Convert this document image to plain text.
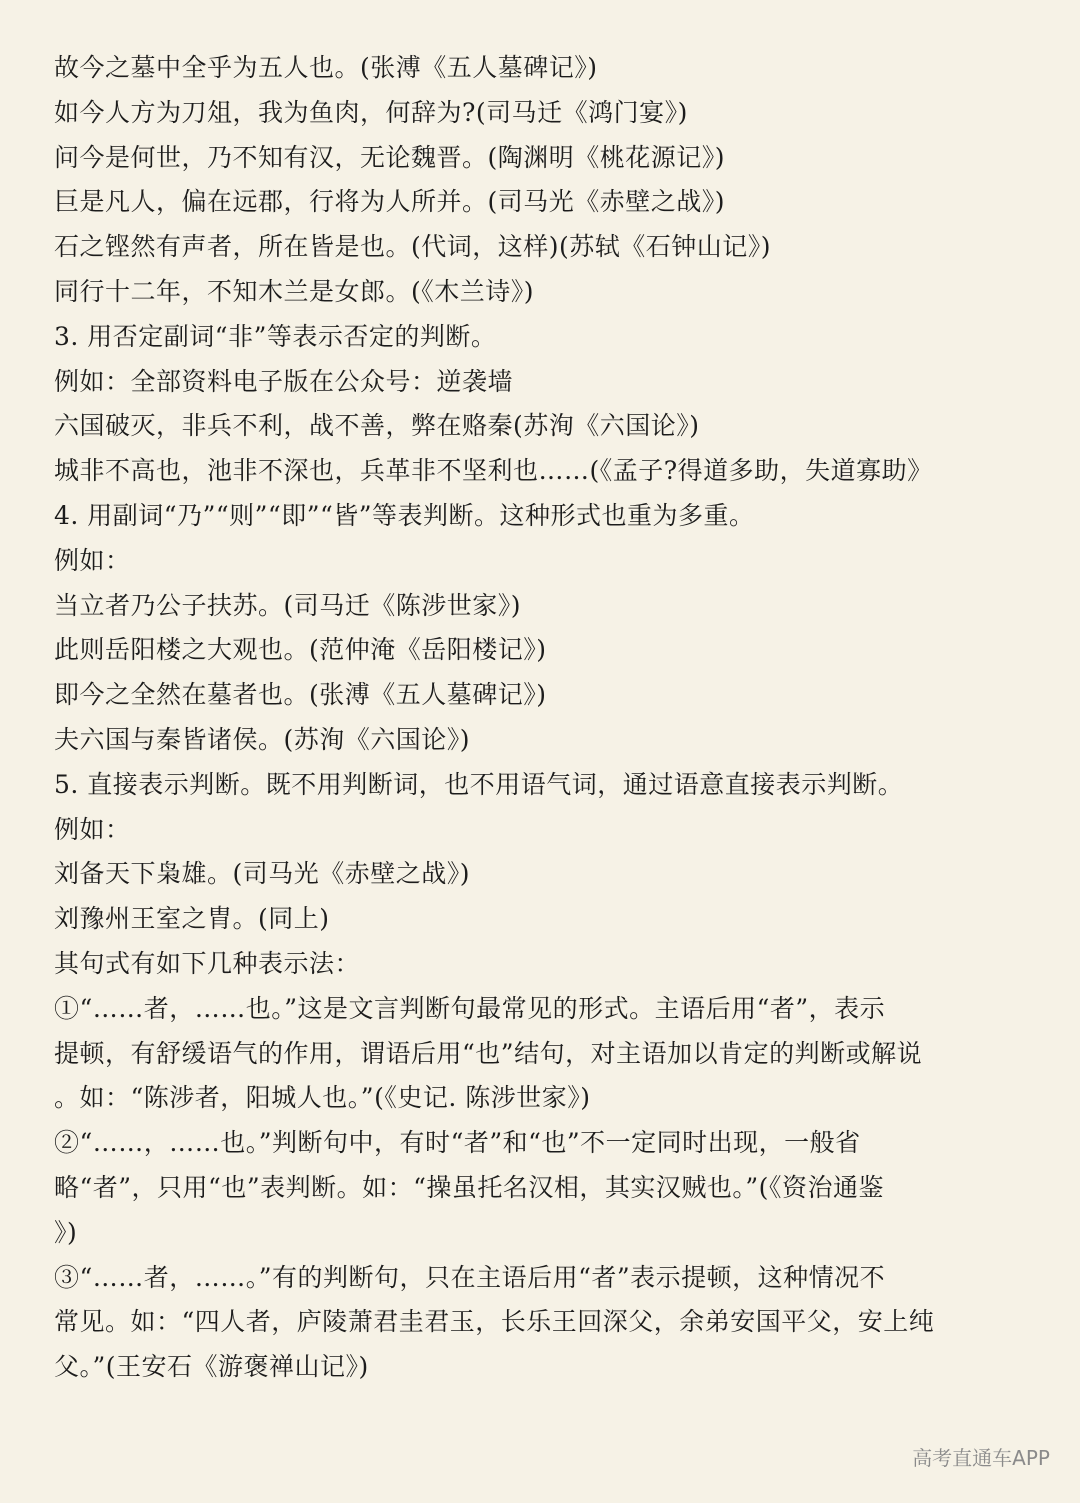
故今之墓中全乎为五人也。(张溥《五人墓碑记》)
如今人方为刀俎，我为鱼肉，何辞为?(司马迁《鸿门宴》)
问今是何世，乃不知有汉，无论魏晋。(陶渊明《桃花源记》)
巨是凡人，偏在远郡，行将为人所并。(司马光《赤壁之战》)
石之铿然有声者，所在皆是也。(代词，这样)(苏轼《石钟山记》)
同行十二年，不知木兰是女郎。(《木兰诗》)
3. 用否定副词“非”等表示否定的判断。
例如：全部资料电子版在公众号：逆袭墙
六国破灭，非兵不利，战不善，弊在赂秦(苏洵《六国论》)
城非不高也，池非不深也，兵革非不坚利也……(《孟子?得道多助，失道寡助》
4. 用副词“乃”“则”“即”“皆”等表判断。这种形式也重为多重。
例如：
当立者乃公子扶苏。(司马迁《陈涉世家》)
此则岳阳楼之大观也。(范仲淹《岳阳楼记》)
即今之全然在墓者也。(张溥《五人墓碑记》)
夫六国与秦皆诸侯。(苏洵《六国论》)
5. 直接表示判断。既不用判断词，也不用语气词，通过语意直接表示判断。
例如：
刘备天下枭雄。(司马光《赤壁之战》)
刘豫州王室之胄。(同上)
其句式有如下几种表示法：
①“……者，……也。”这是文言判断句最常见的形式。主语后用“者”，表示
提顿，有舒缓语气的作用，谓语后用“也”结句，对主语加以肯定的判断或解说
。如：“陈涉者，阳城人也。”(《史记. 陈涉世家》)
②“……，……也。”判断句中，有时“者”和“也”不一定同时出现，一般省
略“者”，只用“也”表判断。如：“操虽托名汉相，其实汉贼也。”(《资治通鉴
》)
③“……者，……。”有的判断句，只在主语后用“者”表示提顿，这种情况不
常见。如：“四人者，庐陵萧君圭君玉，长乐王回深父，余弟安国平父，安上纯
父。”(王安石《游褒禅山记》)
高考直通车APP
